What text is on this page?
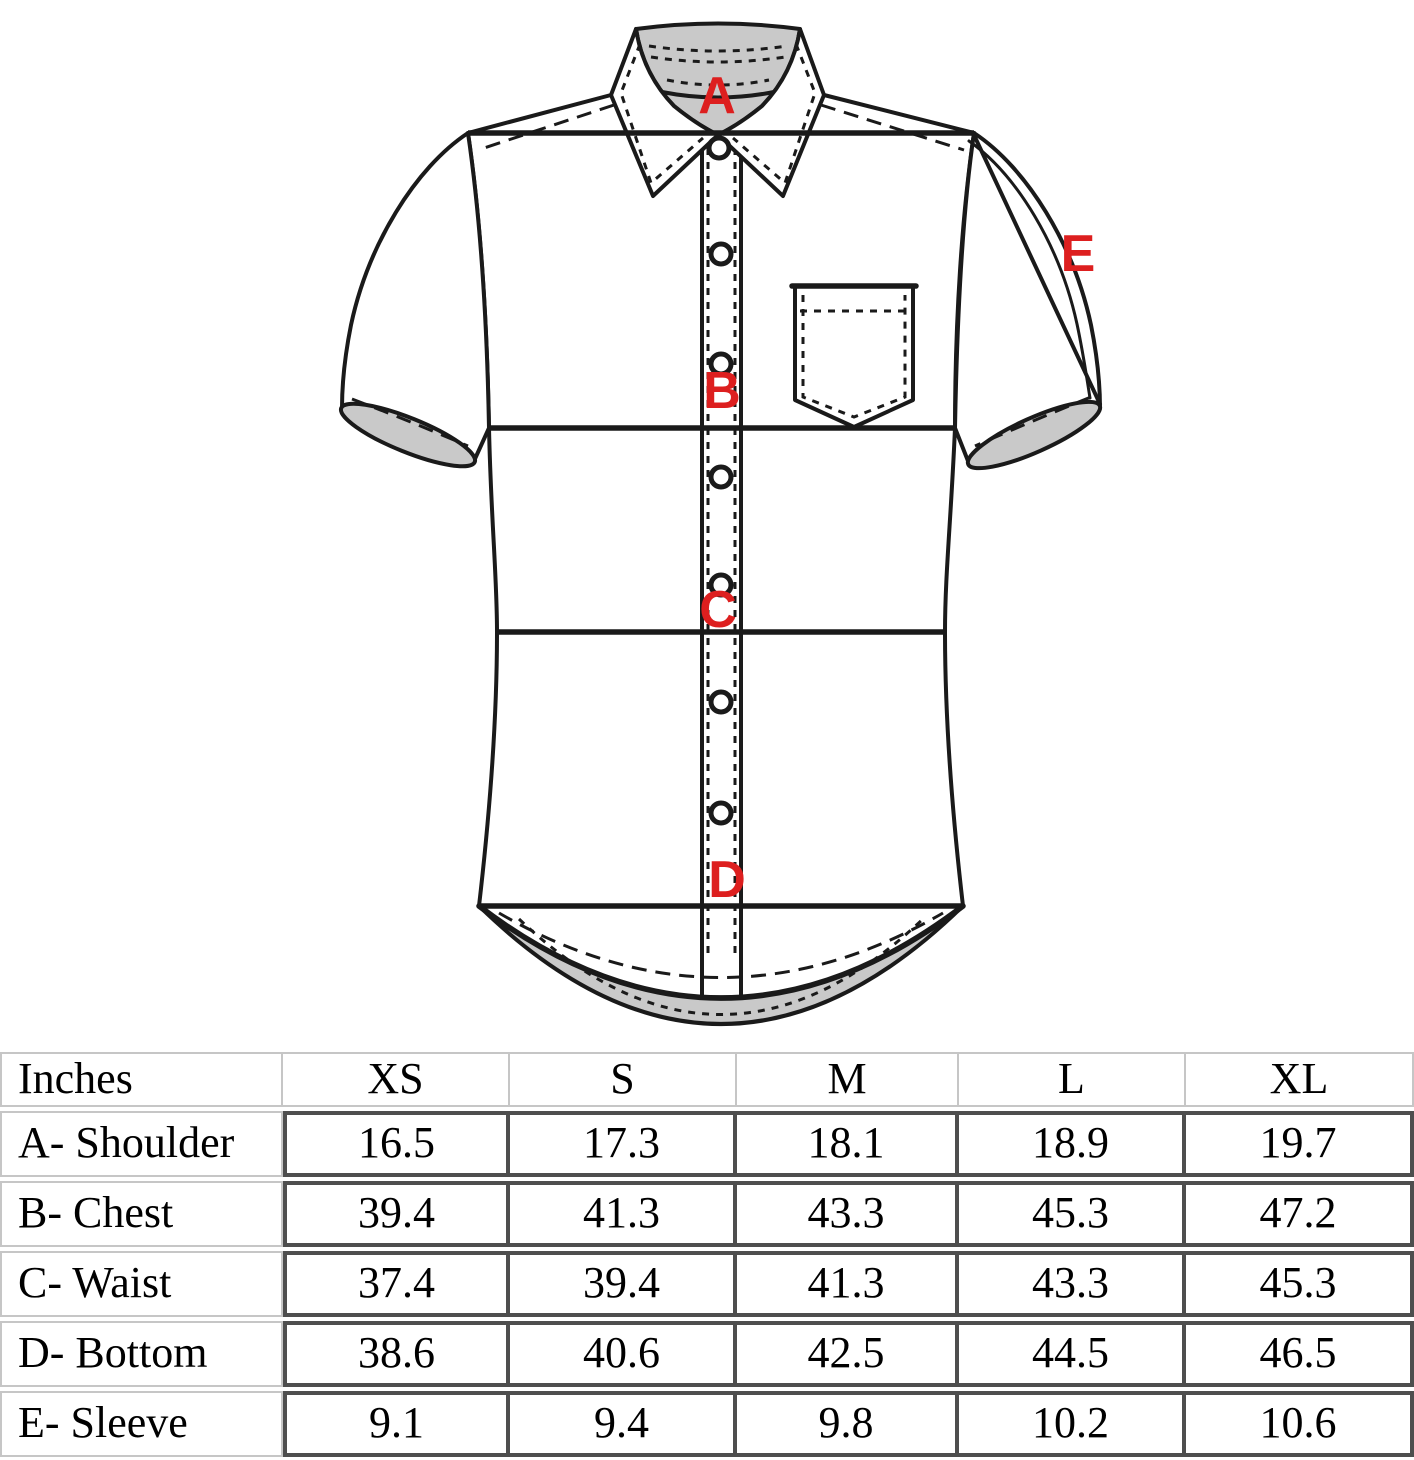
A
B
C
D
E
Inches	XS	S	M	L	XL
A- Shoulder	16.5	17.3	18.1	18.9	19.7
B- Chest	39.4	41.3	43.3	45.3	47.2
C- Waist	37.4	39.4	41.3	43.3	45.3
D- Bottom	38.6	40.6	42.5	44.5	46.5
E- Sleeve	9.1	9.4	9.8	10.2	10.6
